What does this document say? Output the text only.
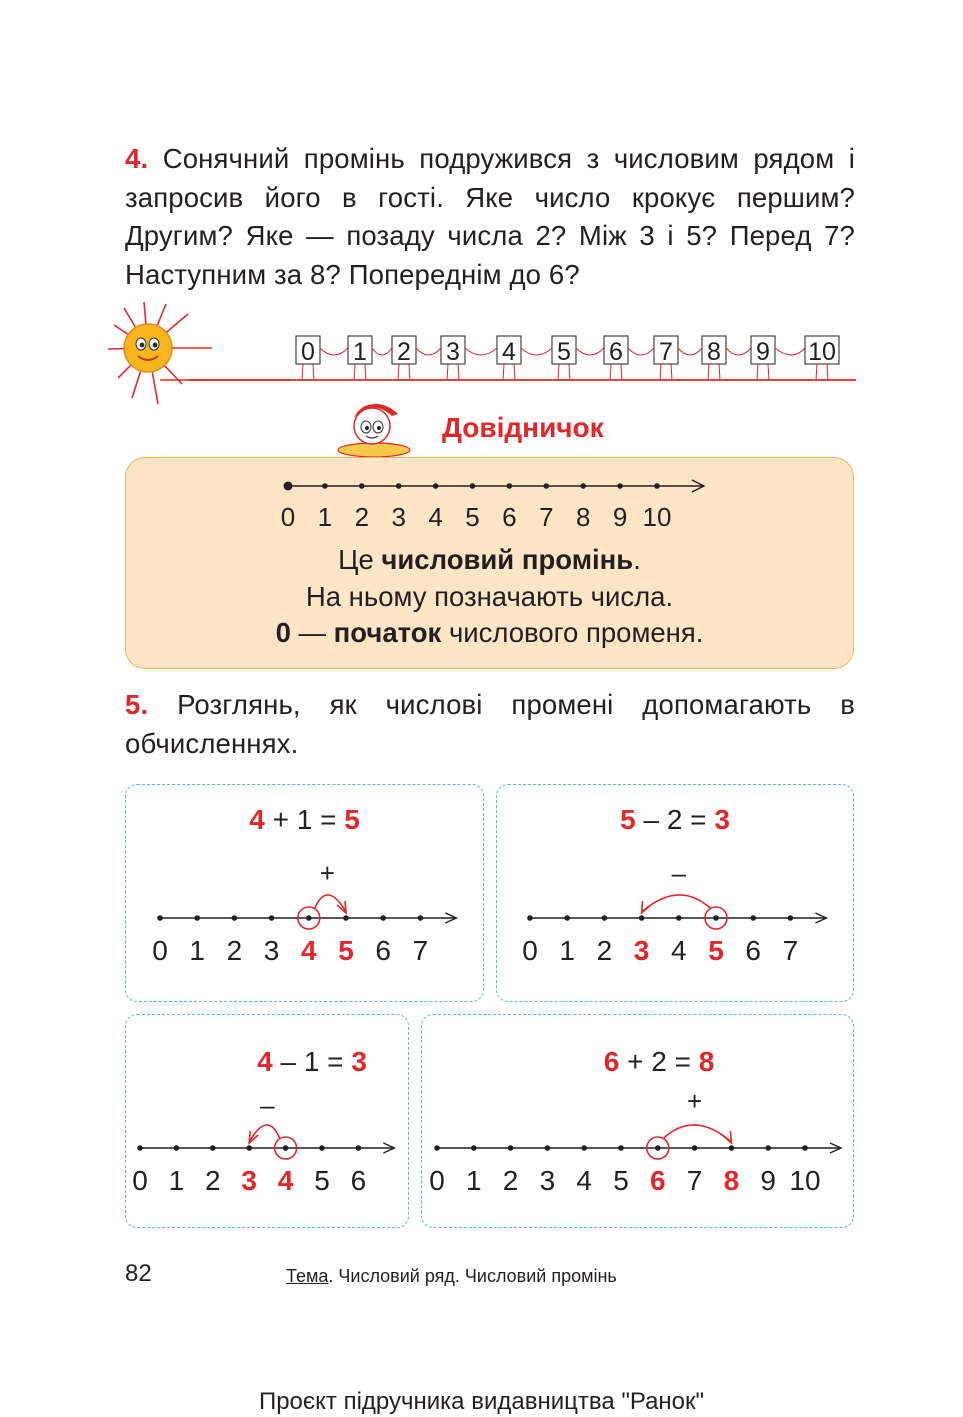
4. Сонячний промінь подружився з числовим рядом і запросив його в гості. Яке число крокує першим? Другим? Яке — позаду числа 2? Між 3 і 5? Перед 7? Наступним за 8? Попереднім до 6?
0 1 2 3 4 5 6 7 8 9 10
Довідничок
0 1 2 3 4 5 6 7 8 9 10
Це числовий промінь.
На ньому позначають числа.
0 — початок числового променя.
5. Розглянь, як числові промені допомагають в обчисленнях.
4 + 1 = 5	5 – 2 = 3
4 – 1 = 3	6 + 2 = 8
0 1 2 3 4 5 6 7
+
0 1 2 3 4 5 6 7
–
0 1 2 3 4 5 6
–
0 1 2 3 4 5 6 7 8 9 10
+
82	Тема. Числовий ряд. Числовий промінь
Проєкт підручника видавництва "Ранок"
